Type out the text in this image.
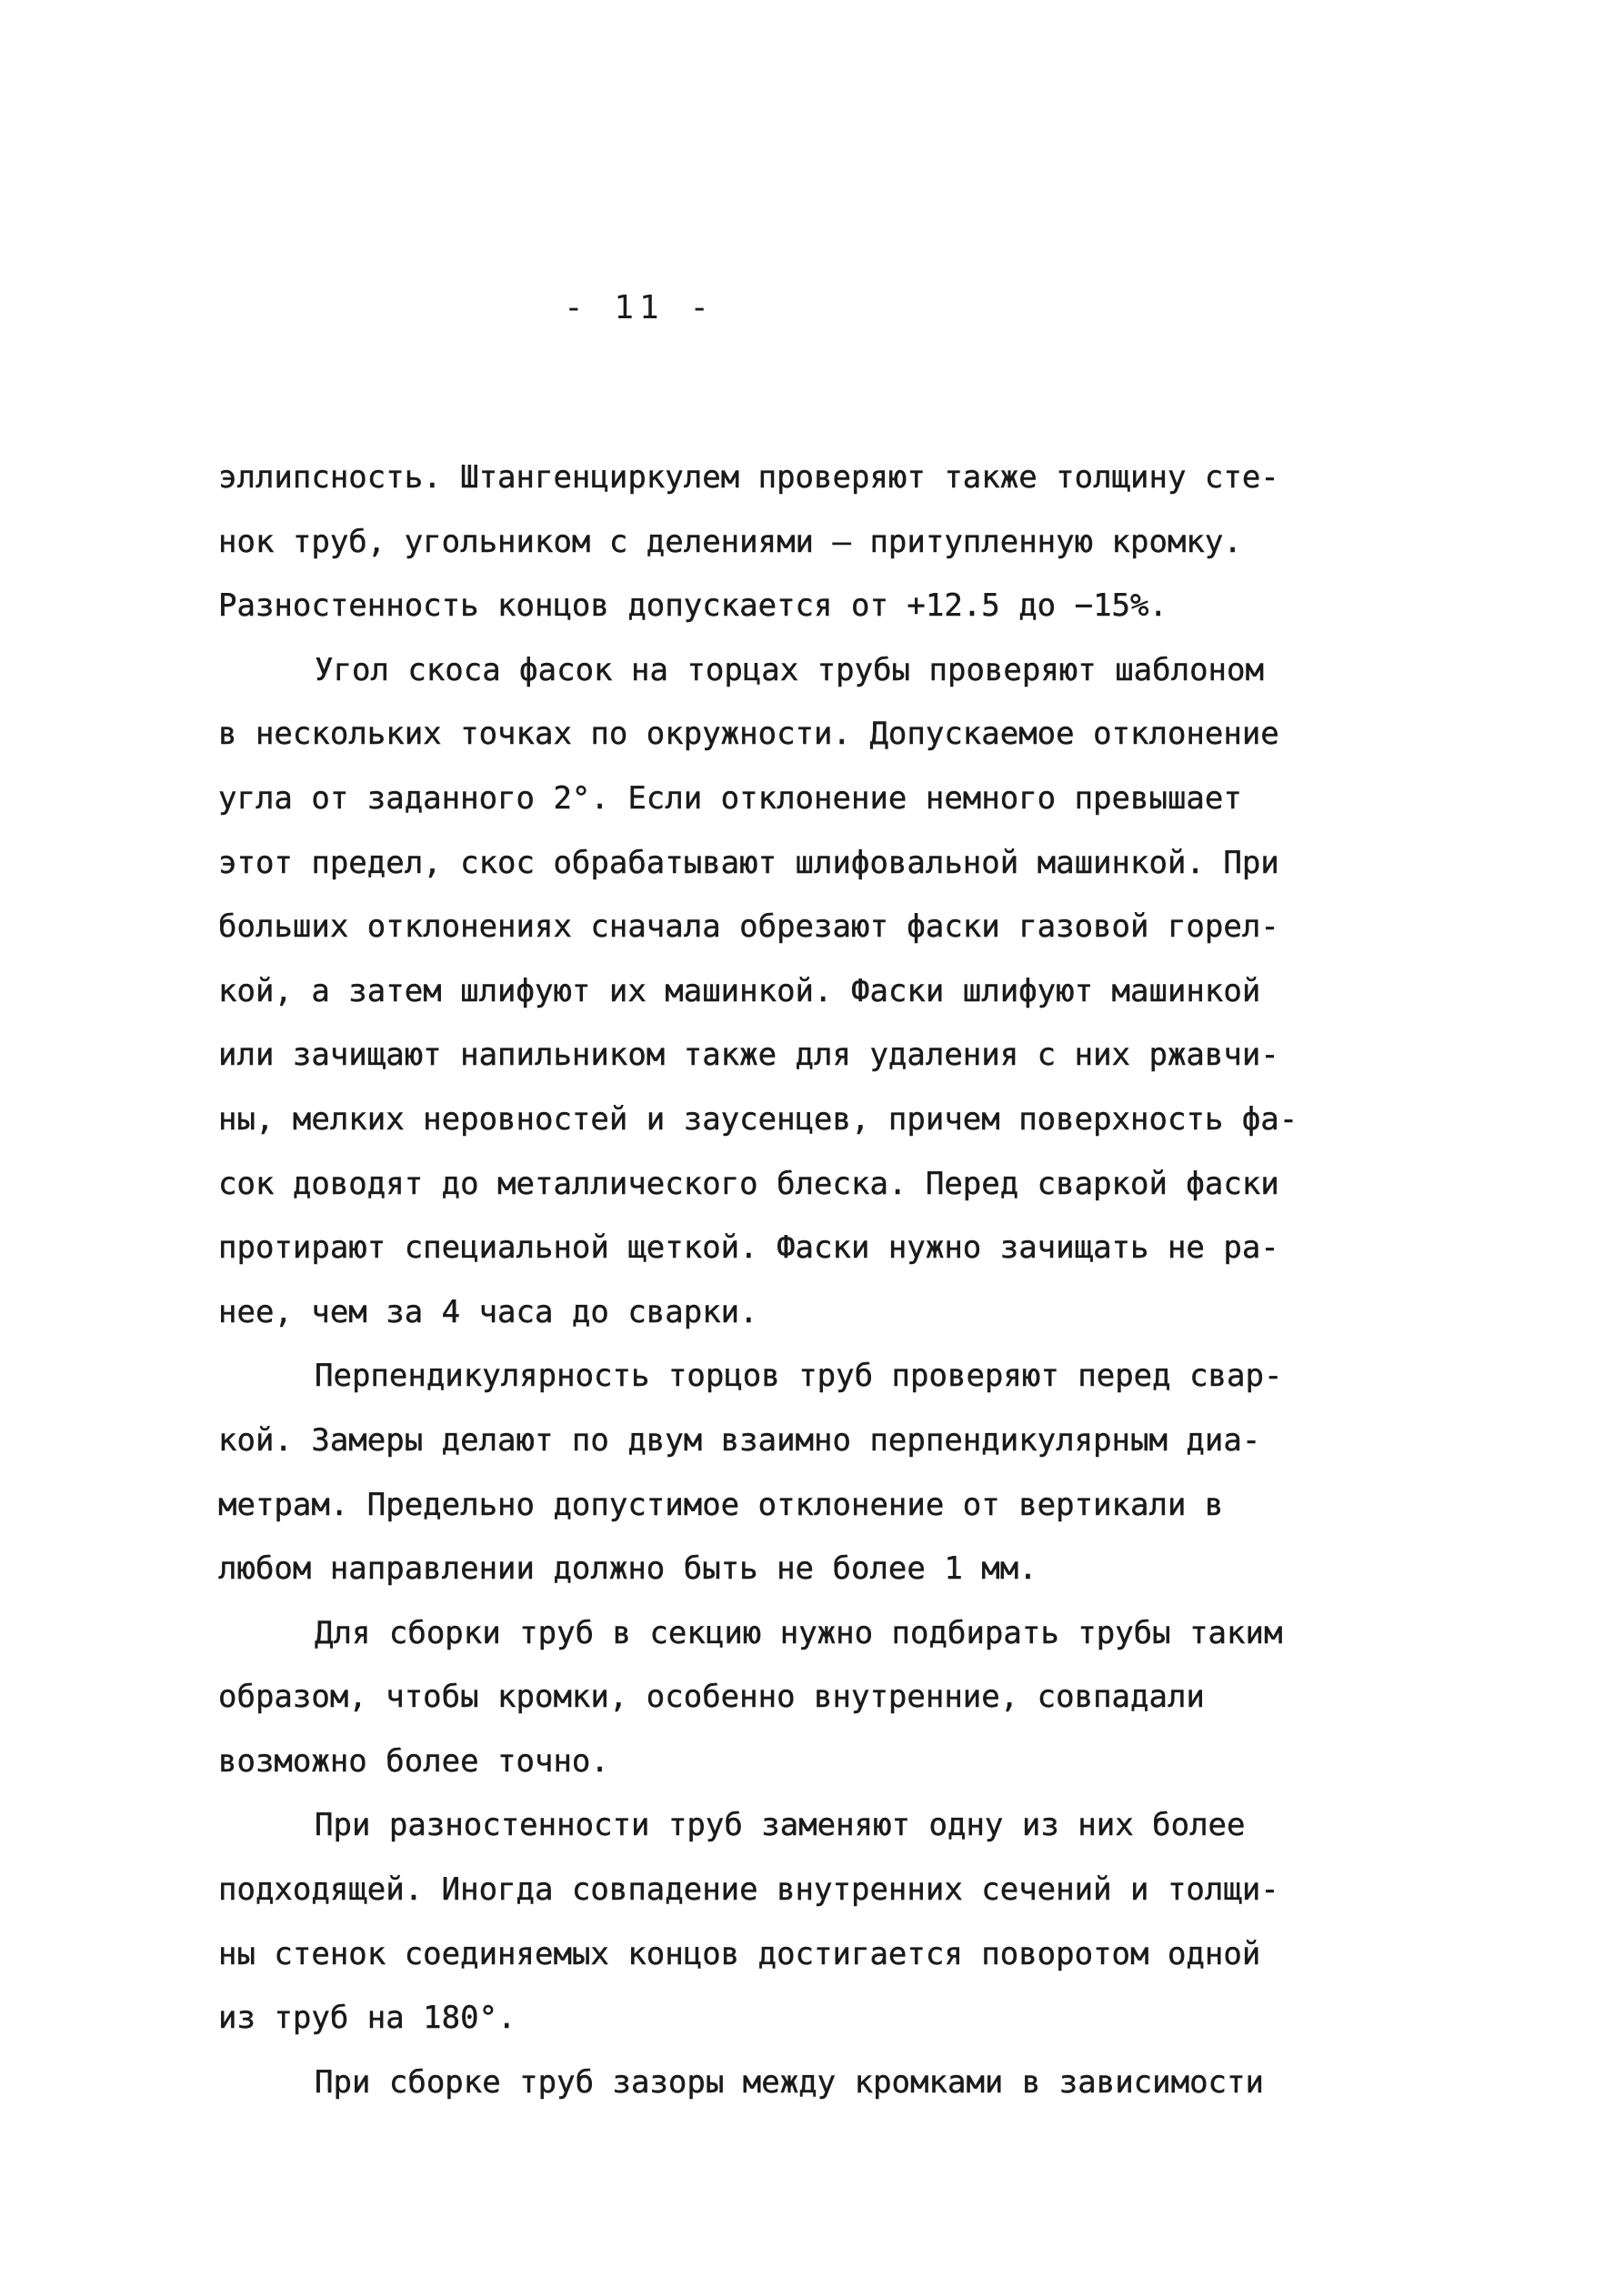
- 11 -
эллипсность. Штангенциркулем проверяют также толщину сте-
нок труб, угольником с делениями – притупленную кромку.
Разностенность концов допускается от +12.5 до −15%.
Угол скоса фасок на торцах трубы проверяют шаблоном
в нескольких точках по окружности. Допускаемое отклонение
угла от заданного 2°. Если отклонение немного превышает
этот предел, скос обрабатывают шлифовальной машинкой. При
больших отклонениях сначала обрезают фаски газовой горел-
кой, а затем шлифуют их машинкой. Фаски шлифуют машинкой
или зачищают напильником также для удаления с них ржавчи-
ны, мелких неровностей и заусенцев, причем поверхность фа-
сок доводят до металлического блеска. Перед сваркой фаски
протирают специальной щеткой. Фаски нужно зачищать не ра-
нее, чем за 4 часа до сварки.
Перпендикулярность торцов труб проверяют перед свар-
кой. Замеры делают по двум взаимно перпендикулярным диа-
метрам. Предельно допустимое отклонение от вертикали в
любом направлении должно быть не более 1 мм.
Для сборки труб в секцию нужно подбирать трубы таким
образом, чтобы кромки, особенно внутренние, совпадали
возможно более точно.
При разностенности труб заменяют одну из них более
подходящей. Иногда совпадение внутренних сечений и толщи-
ны стенок соединяемых концов достигается поворотом одной
из труб на 180°.
При сборке труб зазоры между кромками в зависимости
